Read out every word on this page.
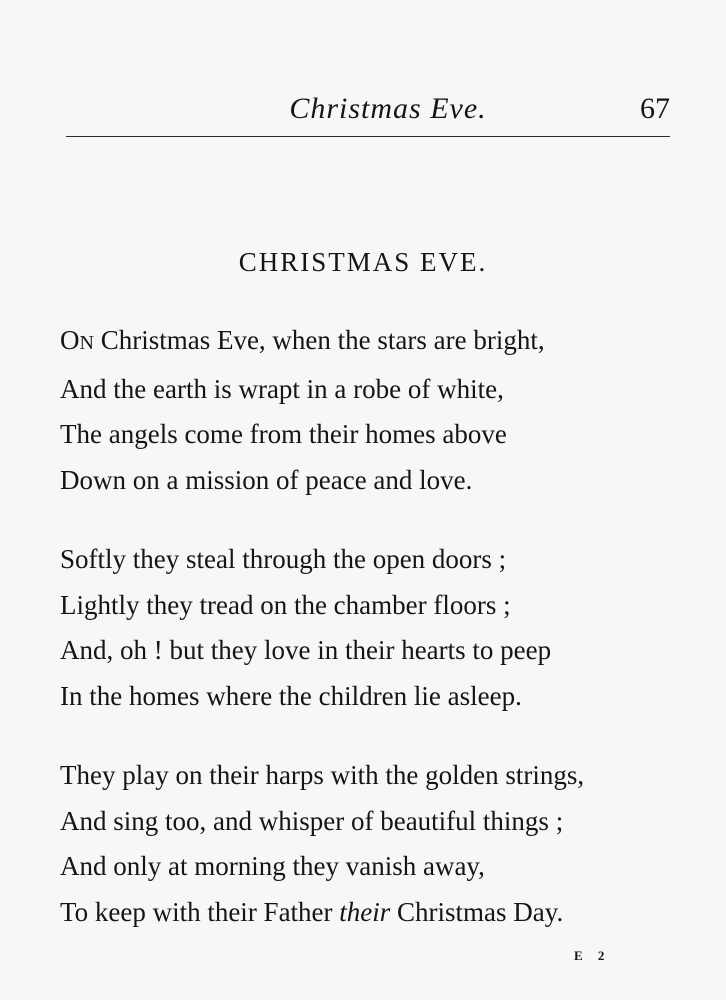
Christmas Eve.	67
CHRISTMAS EVE.
ON Christmas Eve, when the stars are bright,
And the earth is wrapt in a robe of white,
The angels come from their homes above
Down on a mission of peace and love.
Softly they steal through the open doors ;
Lightly they tread on the chamber floors ;
And, oh ! but they love in their hearts to peep
In the homes where the children lie asleep.
They play on their harps with the golden strings,
And sing too, and whisper of beautiful things ;
And only at morning they vanish away,
To keep with their Father their Christmas Day.
E 2
